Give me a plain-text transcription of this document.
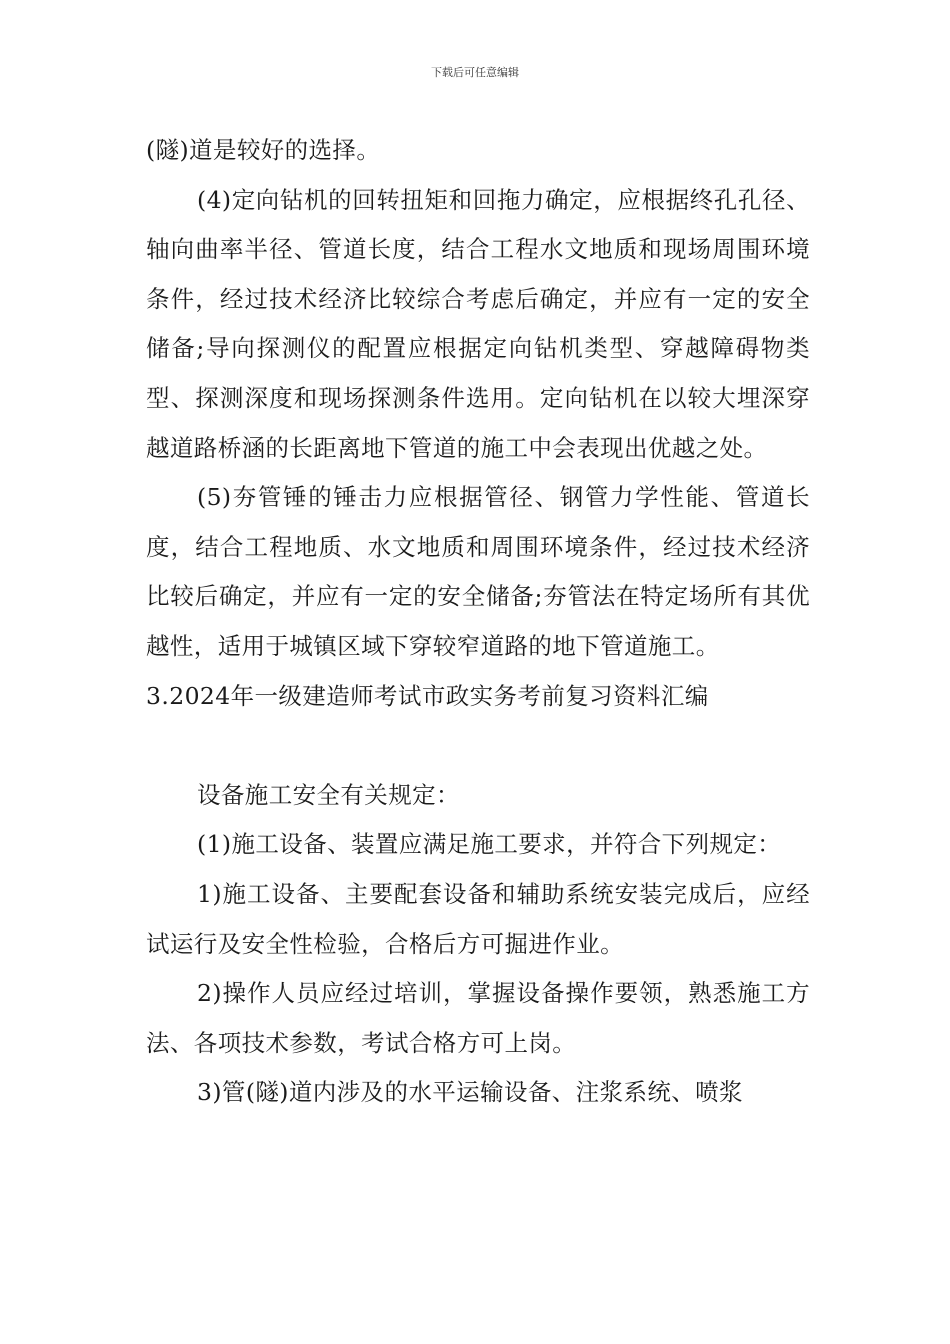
下载后可任意编辑

(隧)道是较好的选择。

(4)定向钻机的回转扭矩和回拖力确定，应根据终孔孔径、轴向曲率半径、管道长度，结合工程水文地质和现场周围环境条件，经过技术经济比较综合考虑后确定，并应有一定的安全储备;导向探测仪的配置应根据定向钻机类型、穿越障碍物类型、探测深度和现场探测条件选用。定向钻机在以较大埋深穿越道路桥涵的长距离地下管道的施工中会表现出优越之处。

(5)夯管锤的锤击力应根据管径、钢管力学性能、管道长度，结合工程地质、水文地质和周围环境条件，经过技术经济比较后确定，并应有一定的安全储备;夯管法在特定场所有其优越性，适用于城镇区域下穿较窄道路的地下管道施工。

3.2024年一级建造师考试市政实务考前复习资料汇编

设备施工安全有关规定：

(1)施工设备、装置应满足施工要求，并符合下列规定：

1)施工设备、主要配套设备和辅助系统安装完成后，应经试运行及安全性检验，合格后方可掘进作业。

2)操作人员应经过培训，掌握设备操作要领，熟悉施工方法、各项技术参数，考试合格方可上岗。

3)管(隧)道内涉及的水平运输设备、注浆系统、喷浆
